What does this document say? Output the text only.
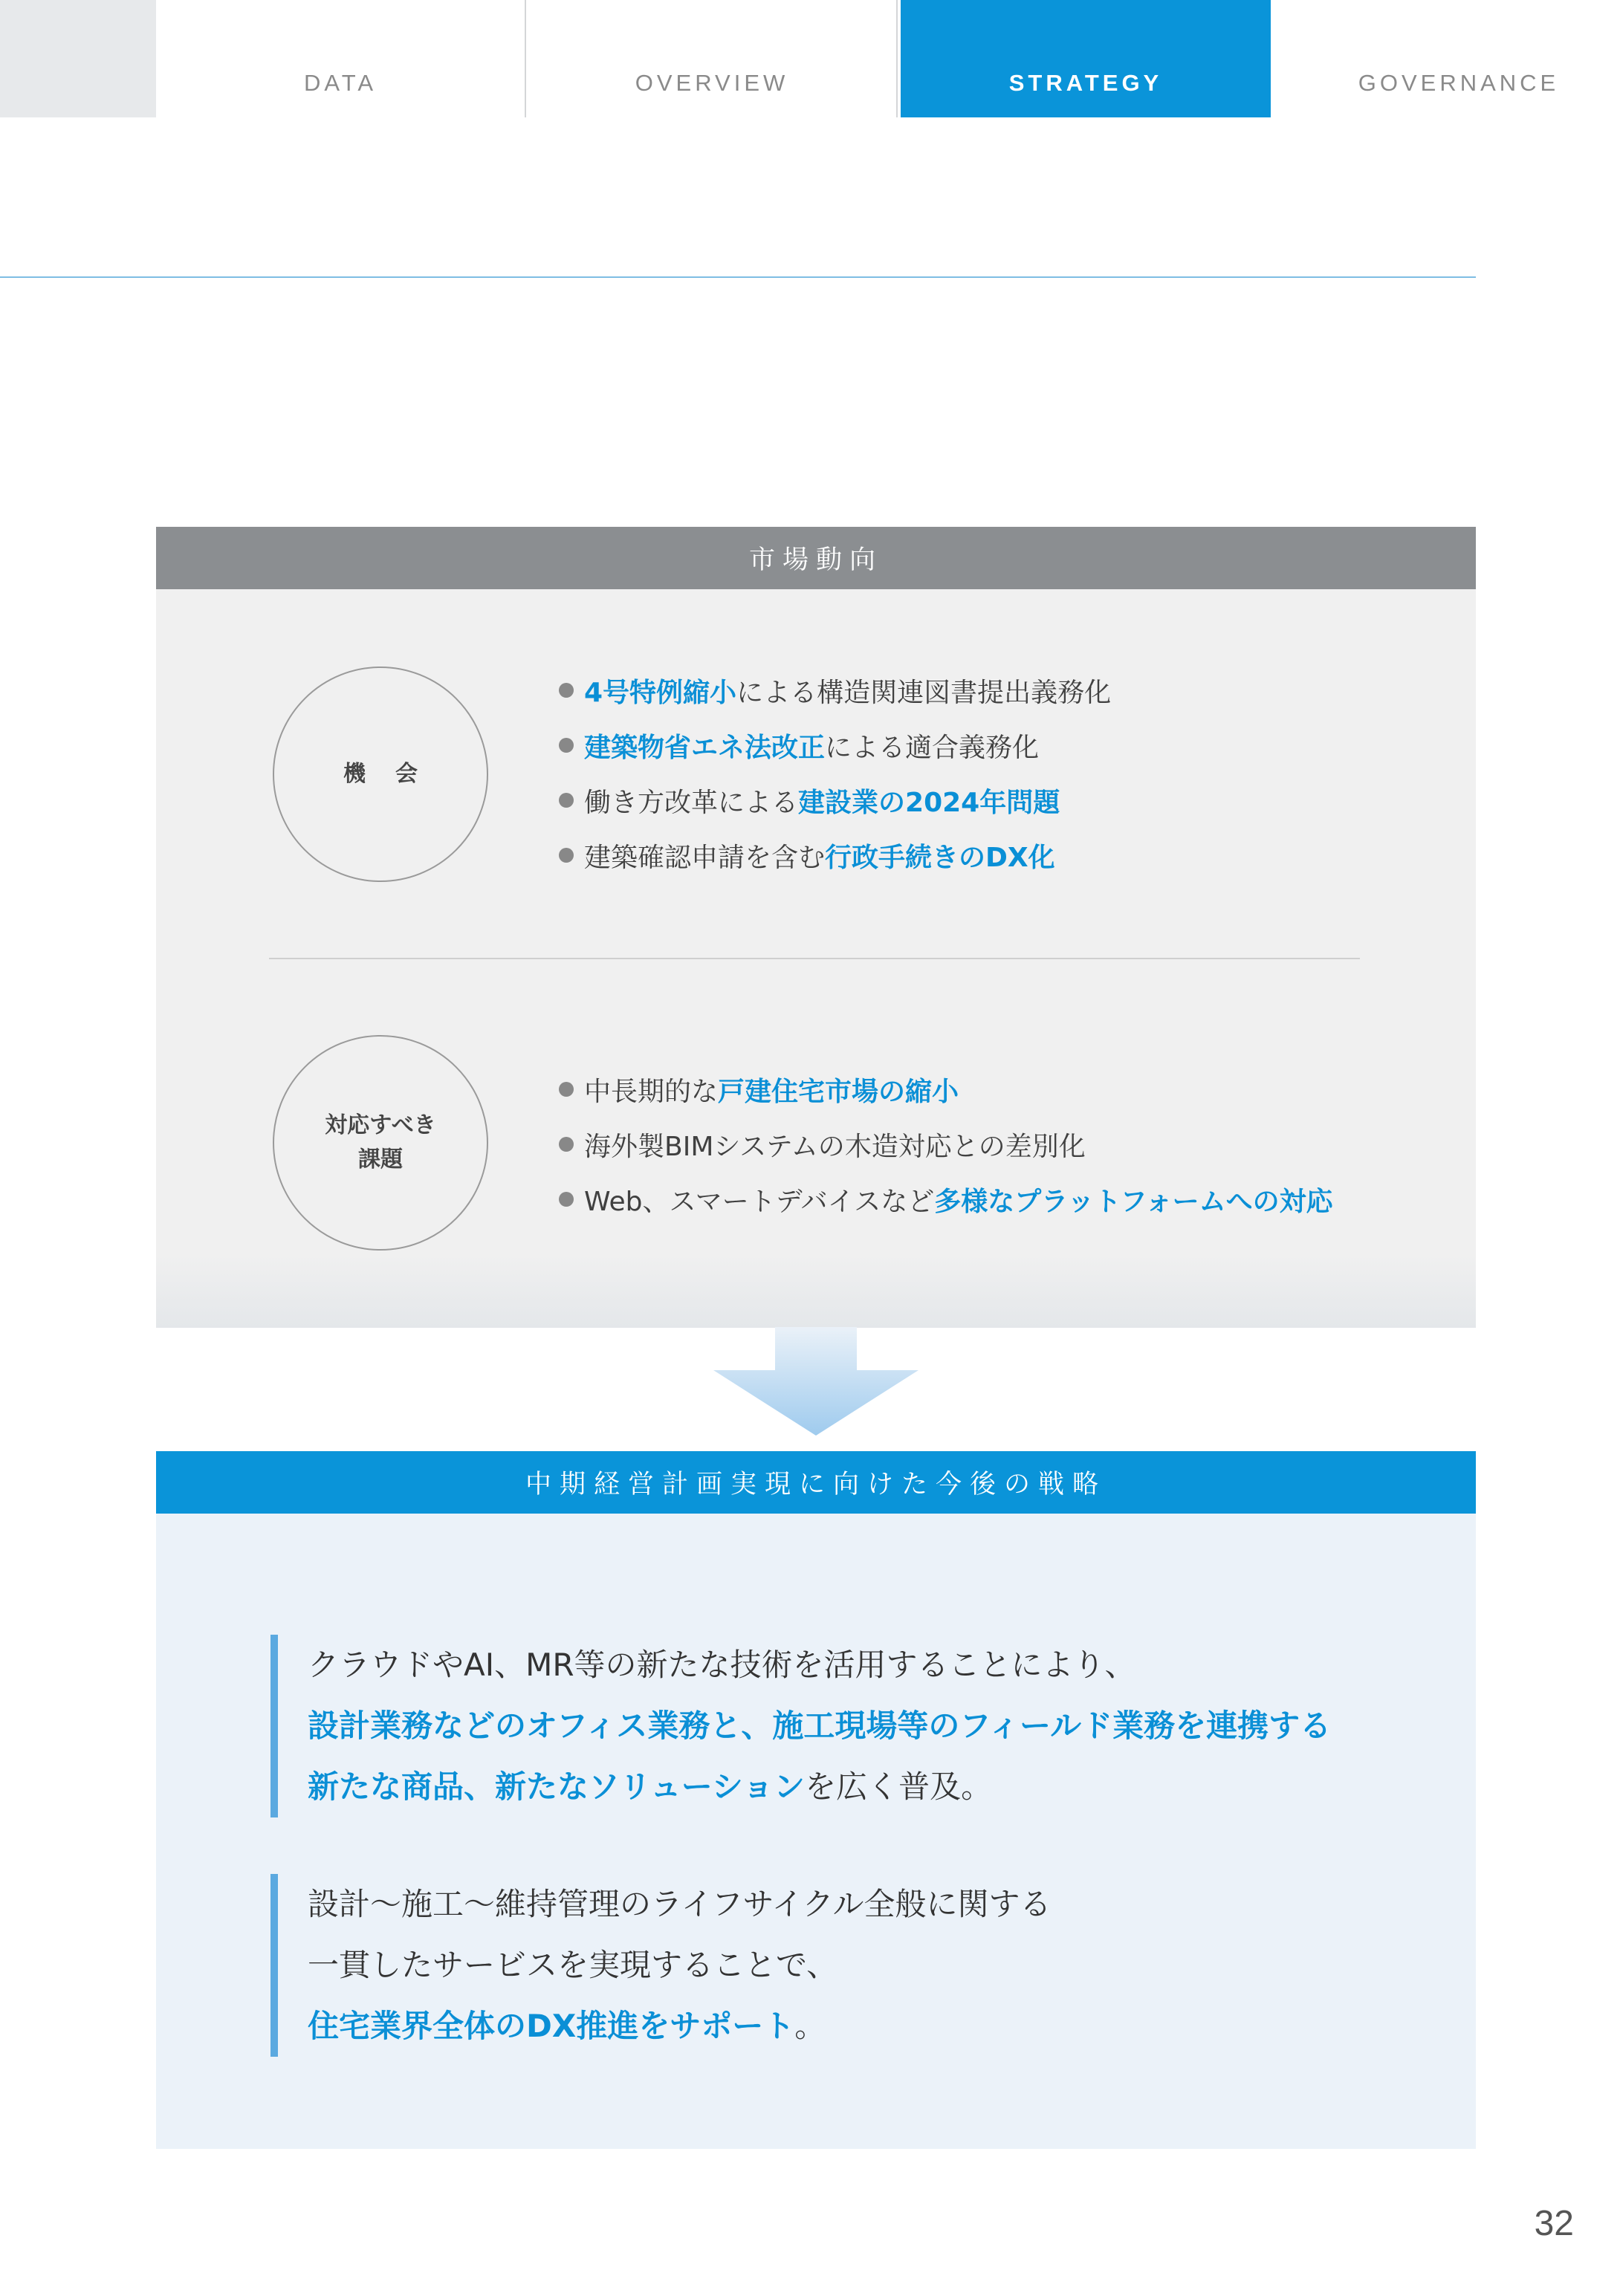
DATA	OVERVIEW	STRATEGY	GOVERNANCE
市場動向
機会
4号特例縮小 による構造関連図書提出義務化
建築物省エネ法改正 による適合義務化
働き方改革による 建設業の2024年問題
建築確認申請を含む 行政手続きのDX化
対応すべき
課題
中長期的な 戸建住宅市場の縮小
海外製BIMシステムの木造対応との差別化
Web、スマートデバイスなど 多様なプラットフォームへの対応
中期経営計画実現に向けた今後の戦略
クラウドやAI、MR等の新たな技術を活用することにより、
設計業務などのオフィス業務と、施工現場等のフィールド業務を連携する
新たな商品、新たなソリューションを広く普及。
設計～施工～維持管理のライフサイクル全般に関する
一貫したサービスを実現することで、
住宅業界全体のDX推進をサポート。
32
